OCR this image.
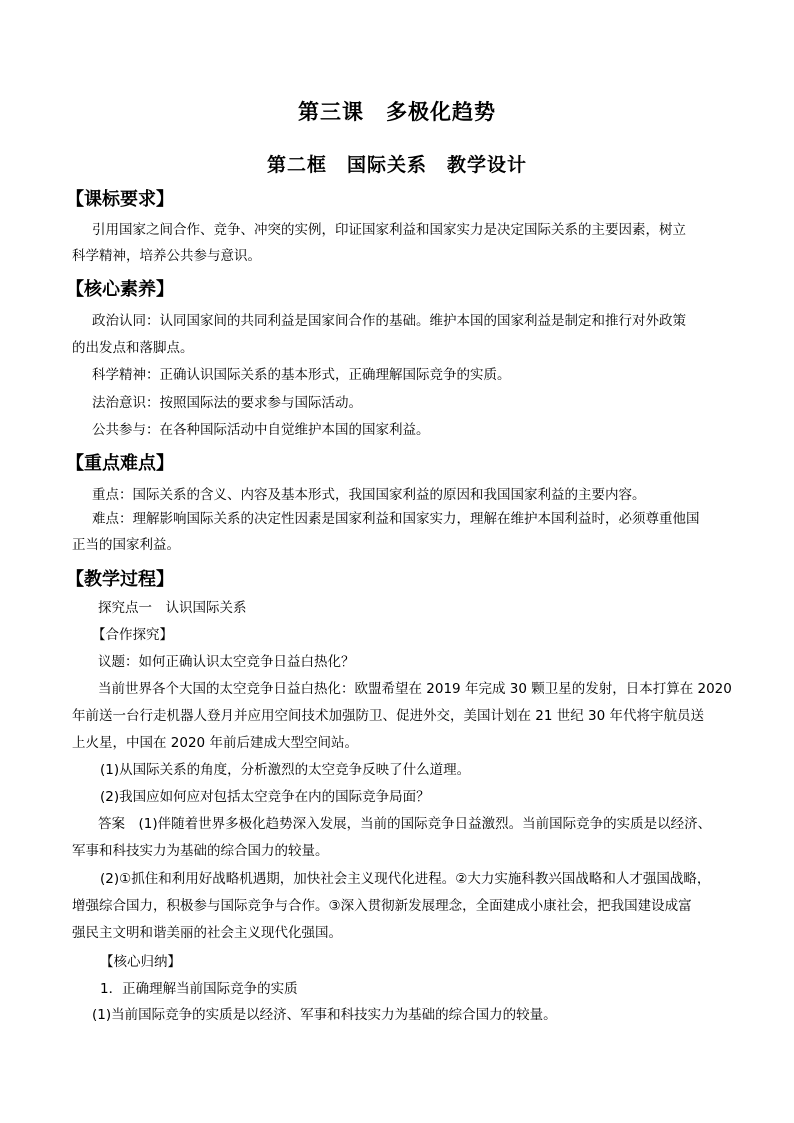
第三课　多极化趋势
第二框　国际关系　教学设计
【课标要求】
引用国家之间合作、竞争、冲突的实例，印证国家利益和国家实力是决定国际关系的主要因素，树立
科学精神，培养公共参与意识。
【核心素养】
政治认同：认同国家间的共同利益是国家间合作的基础。维护本国的国家利益是制定和推行对外政策
的出发点和落脚点。
科学精神：正确认识国际关系的基本形式，正确理解国际竞争的实质。
法治意识：按照国际法的要求参与国际活动。
公共参与：在各种国际活动中自觉维护本国的国家利益。
【重点难点】
重点：国际关系的含义、内容及基本形式，我国国家利益的原因和我国国家利益的主要内容。
难点：理解影响国际关系的决定性因素是国家利益和国家实力，理解在维护本国利益时，必须尊重他国
正当的国家利益。
【教学过程】
探究点一　认识国际关系
【合作探究】
议题：如何正确认识太空竞争日益白热化？
当前世界各个大国的太空竞争日益白热化：欧盟希望在 2019 年完成 30 颗卫星的发射，日本打算在 2020
年前送一台行走机器人登月并应用空间技术加强防卫、促进外交，美国计划在 21 世纪 30 年代将宇航员送
上火星，中国在 2020 年前后建成大型空间站。
(1)从国际关系的角度，分析激烈的太空竞争反映了什么道理。
(2)我国应如何应对包括太空竞争在内的国际竞争局面？
答案　(1)伴随着世界多极化趋势深入发展，当前的国际竞争日益激烈。当前国际竞争的实质是以经济、
军事和科技实力为基础的综合国力的较量。
(2)①抓住和利用好战略机遇期，加快社会主义现代化进程。②大力实施科教兴国战略和人才强国战略，
增强综合国力，积极参与国际竞争与合作。③深入贯彻新发展理念，全面建成小康社会，把我国建设成富
强民主文明和谐美丽的社会主义现代化强国。
【核心归纳】
1．正确理解当前国际竞争的实质
(1)当前国际竞争的实质是以经济、军事和科技实力为基础的综合国力的较量。
